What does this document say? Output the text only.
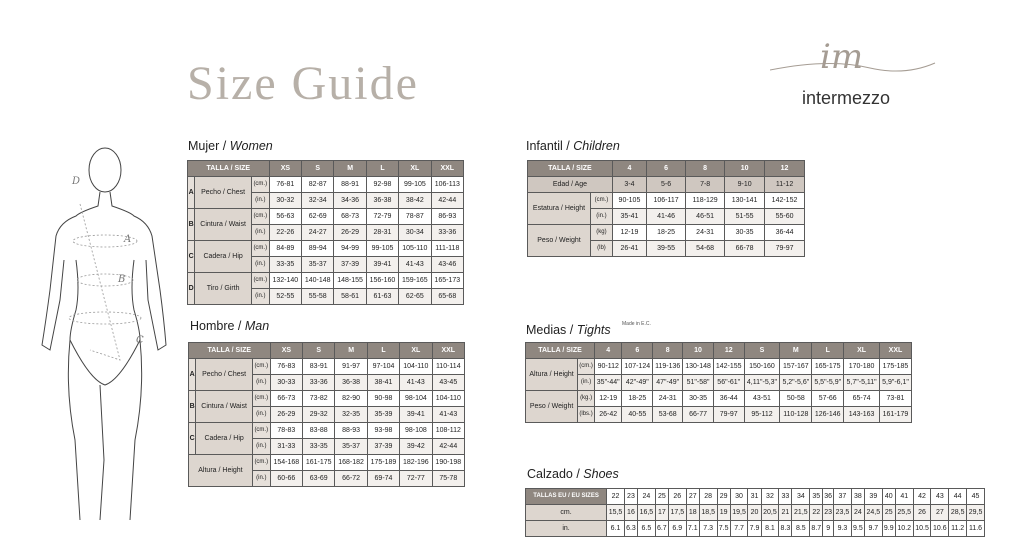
Size Guide	im
intermezzo
D
A
B
C
Mujer / Women
TALLA / SIZE			XS	S	M	L	XL	XXL
A	Pecho / Chest	(cm.)	76-81	82-87	88-91	92-98	99-105	106-113
		(in.)	30-32	32-34	34-36	36-38	38-42	42-44
B	Cintura / Waist	(cm.)	56-63	62-69	68-73	72-79	78-87	86-93
		(in.)	22-26	24-27	26-29	28-31	30-34	33-36
C	Cadera / Hip	(cm.)	84-89	89-94	94-99	99-105	105-110	111-118
		(in.)	33-35	35-37	37-39	39-41	41-43	43-46
D	Tiro / Girth	(cm.)	132-140	140-148	148-155	156-160	159-165	165-173
		(in.)	52-55	55-58	58-61	61-63	62-65	65-68
Hombre / Man
TALLA / SIZE			XS	S	M	L	XL	XXL
A	Pecho / Chest	(cm.)	76-83	83-91	91-97	97-104	104-110	110-114
		(in.)	30-33	33-36	36-38	38-41	41-43	43-45
B	Cintura / Waist	(cm.)	66-73	73-82	82-90	90-98	98-104	104-110
		(in.)	26-29	29-32	32-35	35-39	39-41	41-43
C	Cadera / Hip	(cm.)	78-83	83-88	88-93	93-98	98-108	108-112
		(in.)	31-33	33-35	35-37	37-39	39-42	42-44
Altura / Height		(cm.)	154-168	161-175	168-182	175-189	182-196	190-198
		(in.)	60-66	63-69	66-72	69-74	72-77	75-78
Infantil / Children
TALLA / SIZE		4	6	8	10	12
Edad / Age		3-4	5-6	7-8	9-10	11-12
Estatura / Height	(cm.)	90-105	106-117	118-129	130-141	142-152
	(in.)	35-41	41-46	46-51	51-55	55-60
Peso / Weight	(kg)	12-19	18-25	24-31	30-35	36-44
	(lb)	26-41	39-55	54-68	66-78	79-97
Medias / Tights Made in E.C.
TALLA / SIZE		4	6	8	10	12	S	M	L	XL	XXL
Altura / Height	(cm.)	90-112	107-124	119-136	130-148	142-155	150-160	157-167	165-175	170-180	175-185
	(in.)	35"-44"	42"-49"	47"-49"	51"-58"	56"-61"	4,11"-5,3"	5,2"-5,6"	5,5"-5,9"	5,7"-5,11"	5,9"-6,1"
Peso / Weight	(kg.)	12-19	18-25	24-31	30-35	36-44	43-51	50-58	57-66	65-74	73-81
	(lbs.)	26-42	40-55	53-68	66-77	79-97	95-112	110-128	126-146	143-163	161-179
Calzado / Shoes
TALLAS EU / EU SIZES	22	23	24	25	26	27	28	29	30	31	32	33	34	35	36	37	38	39	40	41	42	43	44	45
cm.	15,5	16	16,5	17	17,5	18	18,5	19	19,5	20	20,5	21	21,5	22	23	23,5	24	24,5	25	25,5	26	27	28,5	29,5
in.	6.1	6.3	6.5	6.7	6.9	7.1	7.3	7.5	7.7	7.9	8.1	8.3	8.5	8.7	9	9.3	9.5	9.7	9.9	10.2	10.5	10.6	11.2	11.6
